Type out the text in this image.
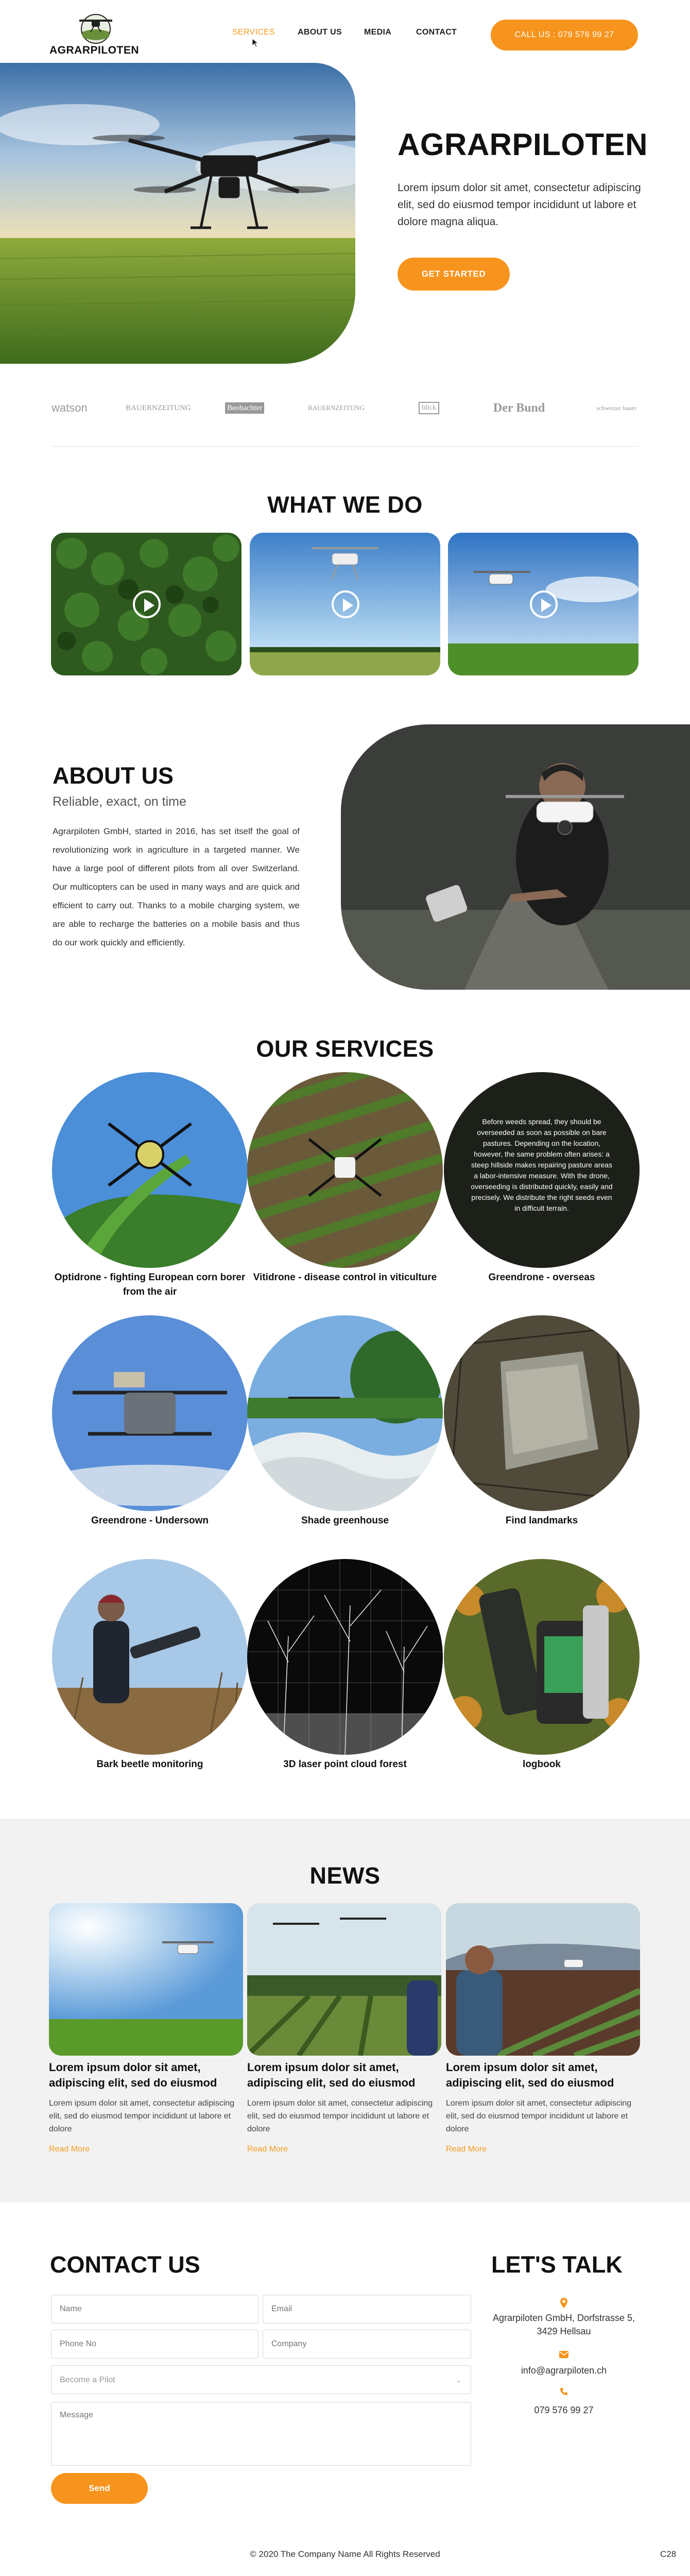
AGRARPILOTEN
SERVICES	ABOUT US	MEDIA	CONTACT	CALL US : 079 576 99 27
AGRARPILOTEN
Lorem ipsum dolor sit amet, consectetur adipiscing elit, sed do eiusmod tempor incididunt ut labore et dolore magna aliqua.
GET STARTED
watson	BAUERNZEITUNG	Beobachter	BAUERNZEITUNG	blick	Der Bund	schweizer bauer
WHAT WE DO
ABOUT US
Reliable, exact, on time
Agrarpiloten GmbH, started in 2016, has set itself the goal of revolutionizing work in agriculture in a targeted manner. We have a large pool of different pilots from all over Switzerland. Our multicopters can be used in many ways and are quick and efficient to carry out. Thanks to a mobile charging system, we are able to recharge the batteries on a mobile basis and thus do our work quickly and efficiently.
OUR SERVICES
Before weeds spread, they should be overseeded as soon as possible on bare pastures. Depending on the location, however, the same problem often arises: a steep hillside makes repairing pasture areas a labor-intensive measure. With the drone, overseeding is distributed quickly, easily and precisely. We distribute the right seeds even in difficult terrain.
Optidrone - fighting European corn borer from the air
Vitidrone - disease control in viticulture	Greendrone - overseas
Greendrone - Undersown	Shade greenhouse	Find landmarks
Bark beetle monitoring	3D laser point cloud forest	logbook
NEWS
Lorem ipsum dolor sit amet, adipiscing elit, sed do eiusmod
Lorem ipsum dolor sit amet, adipiscing elit, sed do eiusmod
Lorem ipsum dolor sit amet, adipiscing elit, sed do eiusmod
Lorem ipsum dolor sit amet, consectetur adipiscing elit, sed do eiusmod tempor incididunt ut labore et dolore
Lorem ipsum dolor sit amet, consectetur adipiscing elit, sed do eiusmod tempor incididunt ut labore et dolore
Lorem ipsum dolor sit amet, consectetur adipiscing elit, sed do eiusmod tempor incididunt ut labore et dolore
Read More	Read More	Read More
CONTACT US
Name
Email
Phone No
Company
Become a Pilot	⌄
Message
Send
LET'S TALK
Agrarpiloten GmbH, Dorfstrasse 5, 3429 Hellsau
info@agrarpiloten.ch
079 576 99 27
© 2020 The Company Name All Rights Reserved	C28
